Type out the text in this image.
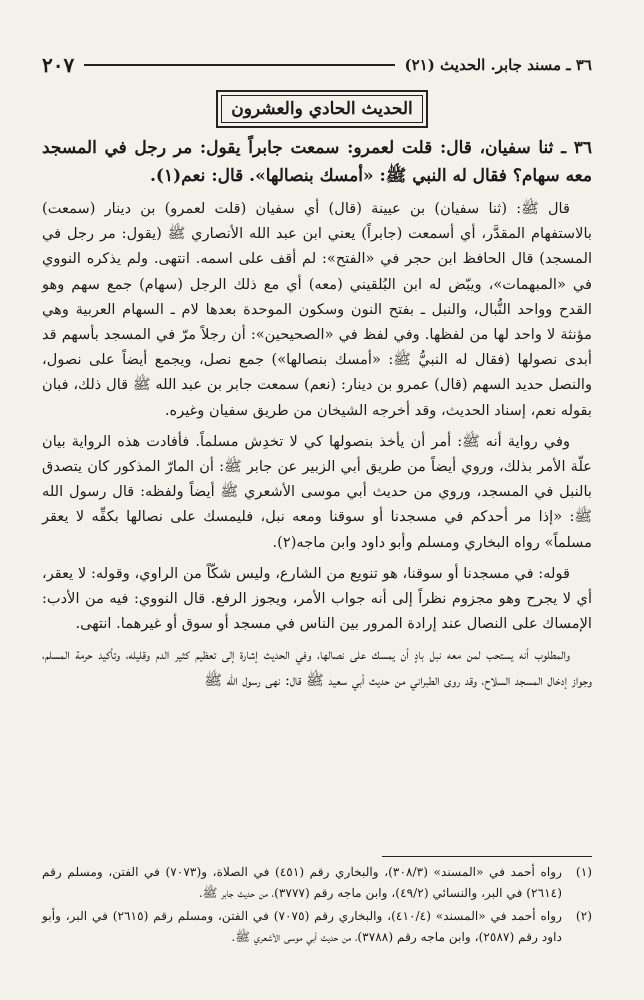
٣٦ ـ مسند جابر. الحديث (٢١)
٢٠٧
الحديث الحادي والعشرون

٣٦ ـ ثنا سفيان، قال: قلت لعمرو: سمعت جابراً يقول: مر رجل في المسجد معه سهام؟ فقال له النبي ﷺ: «أمسك بنصالها». قال: نعم(١).

قال ﷺ: (ثنا سفيان) بن عيينة (قال) أي سفيان (قلت لعمرو) بن دينار (سمعت) بالاستفهام المقدَّر، أي أسمعت (جابراً) يعني ابن عبد الله الأنصاري ﷺ (يقول: مر رجل في المسجد) قال الحافظ ابن حجر في «الفتح»: لم أقف على اسمه. انتهى. ولم يذكره النووي في «المبهمات»، ويبّض له ابن البُلقيني (معه) أي مع ذلك الرجل (سهام) جمع سهم وهو القدح وواحد النُّبال، والنبل ـ بفتح النون وسكون الموحدة بعدها لام ـ السهام العربية وهي مؤنثة لا واحد لها من لفظها. وفي لفظ في «الصحيحين»: أن رجلاً مرّ في المسجد بأسهم قد أبدى نصولها (فقال له النبيُّ ﷺ: «أمسك بنصالها») جمع نصل، ويجمع أيضاً على نصول، والنصل حديد السهم (قال) عمرو بن دينار: (نعم) سمعت جابر بن عبد الله ﷺ قال ذلك، فبان بقوله نعم، إسناد الحديث، وقد أخرجه الشيخان من طريق سفيان وغيره.

وفي رواية أنه ﷺ: أمر أن يأخذ بنصولها كي لا تخدِش مسلماً. فأفادت هذه الرواية بيان علّة الأمر بذلك، وروي أيضاً من طريق أبي الزبير عن جابر ﷺ: أن المارّ المذكور كان يتصدق بالنبل في المسجد، وروي من حديث أبي موسى الأشعري ﷺ أيضاً ولفظه: قال رسول الله ﷺ: «إذا مر أحدكم في مسجدنا أو سوقنا ومعه نبل، فليمسك على نصالها بكفِّه لا يعقر مسلماً» رواه البخاري ومسلم وأبو داود وابن ماجه(٢).

قوله: في مسجدنا أو سوقنا، هو تنويع من الشارع، وليس شكّاً من الراوي، وقوله: لا يعقر، أي لا يجرح وهو مجزوم نظراً إلى أنه جواب الأمر، ويجوز الرفع. قال النووي: فيه من الأدب: الإمساك على النصال عند إرادة المرور بين الناس في مسجد أو سوق أو غيرهما. انتهى.

والمطلوب أنه يستحب لمن معه نبل بادٍ أن يمسك على نصالها، وفي الحديث إشارة إلى تعظيم كثير الدم وقليله، وتأكيد حرمة المسلم، وجواز إدخال المسجد السلاح، وقد روى الطبراني من حديث أبي سعيد ﷺ قال: نهى رسول الله ﷺ

(١)
رواه أحمد في «المسند» (٣٠٨/٣)، والبخاري رقم (٤٥١) في الصلاة، و(٧٠٧٣) في الفتن، ومسلم رقم (٢٦١٤) في البر، والنسائي (٤٩/٢)، وابن ماجه رقم (٣٧٧٧)، من حديث جابر ﷺ.
(٢)
رواه أحمد في «المسند» (٤١٠/٤)، والبخاري رقم (٧٠٧٥) في الفتن، ومسلم رقم (٢٦١٥) في البر، وأبو داود رقم (٢٥٨٧)، وابن ماجه رقم (٣٧٨٨)، من حديث أبي موسى الأشعري ﷺ.
